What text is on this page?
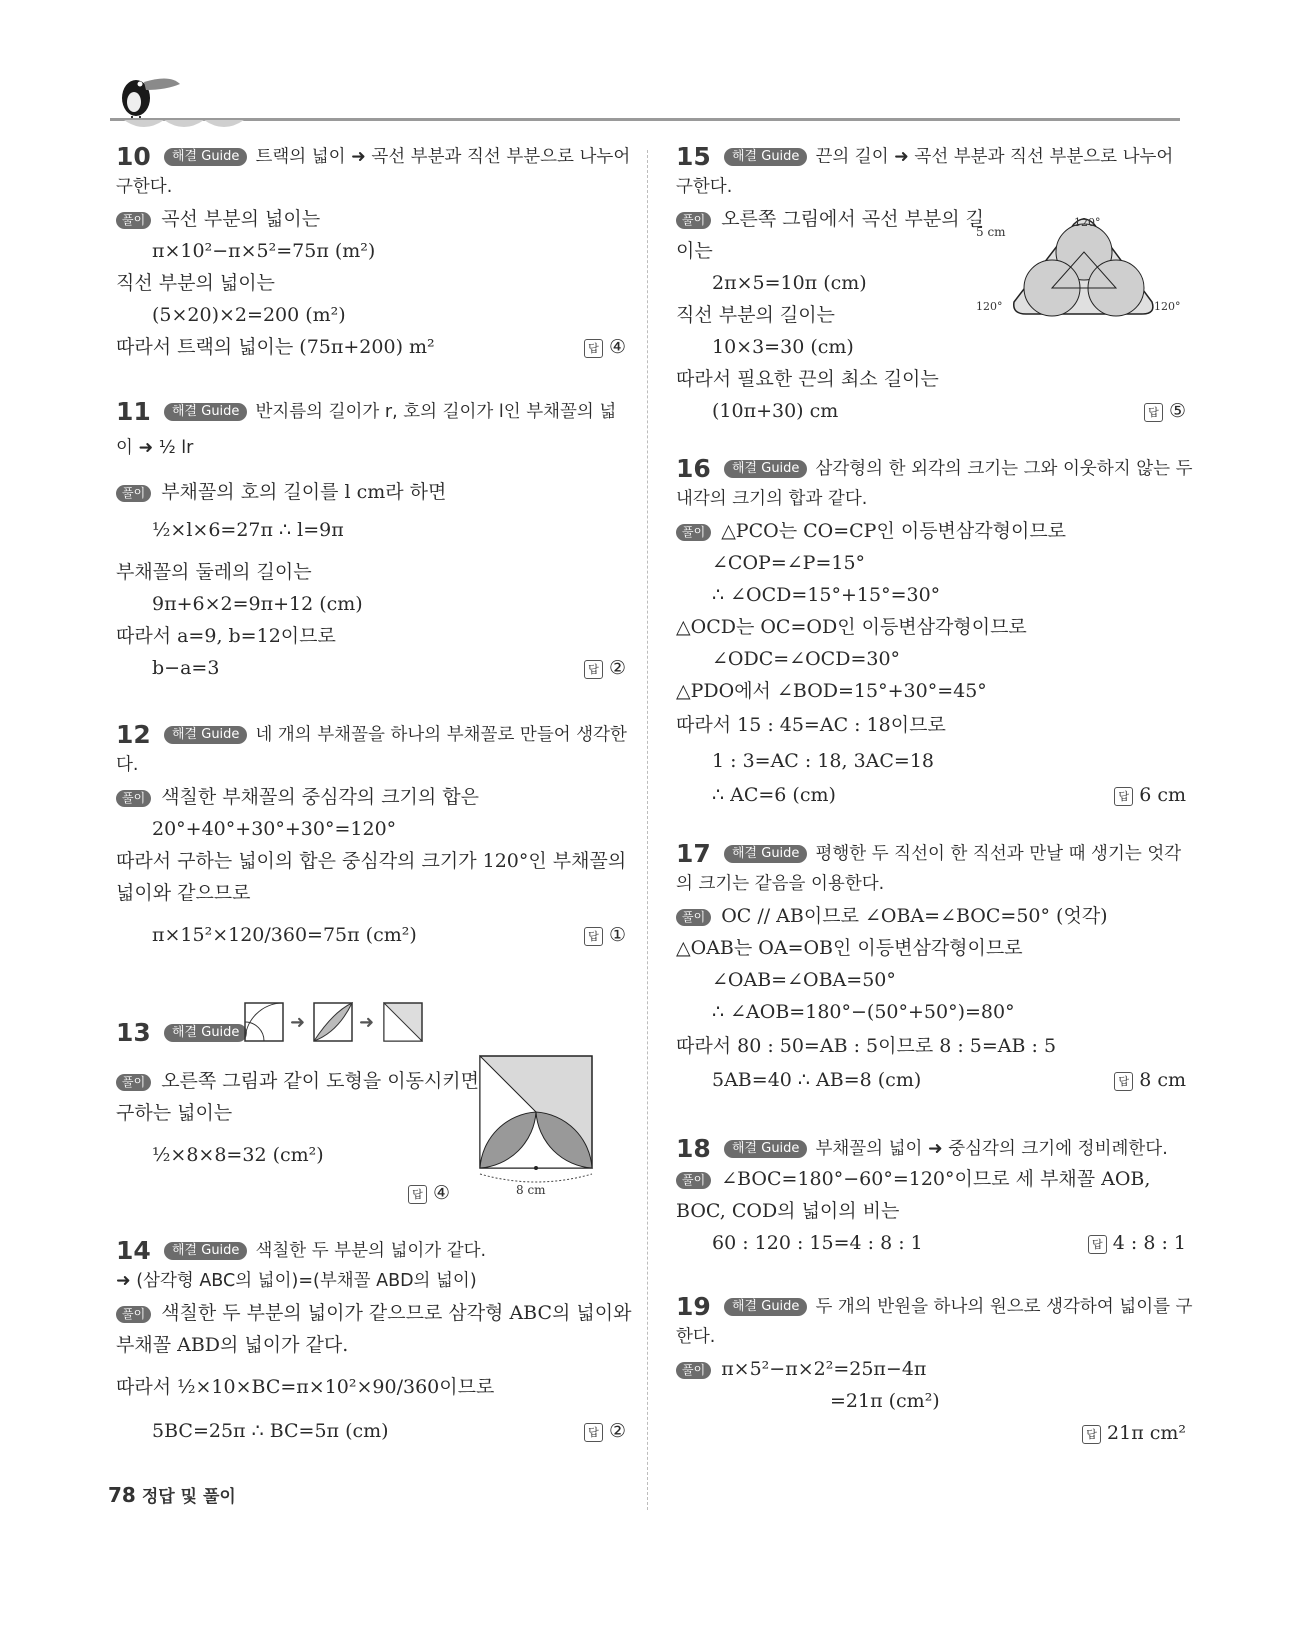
10 해결 Guide 트랙의 넓이 ➜ 곡선 부분과 직선 부분으로 나누어
구한다.
풀이 곡선 부분의 넓이는
π×10²−π×5²=75π (m²)
직선 부분의 넓이는
(5×20)×2=200 (m²)
따라서 트랙의 넓이는 (75π+200) m²	답 ④
11 해결 Guide 반지름의 길이가 r, 호의 길이가 l인 부채꼴의 넓
이 ➜ ½ lr
풀이 부채꼴의 호의 길이를 l cm라 하면
½×l×6=27π ∴ l=9π
부채꼴의 둘레의 길이는
9π+6×2=9π+12 (cm)
따라서 a=9, b=12이므로
b−a=3	답 ②
12 해결 Guide 네 개의 부채꼴을 하나의 부채꼴로 만들어 생각한
다.
풀이 색칠한 부채꼴의 중심각의 크기의 합은
20°+40°+30°+30°=120°
따라서 구하는 넓이의 합은 중심각의 크기가 120°인 부채꼴의
넓이와 같으므로
π×15²×120/360=75π (cm²)	답 ①
13 해결 Guide	➜	➜
풀이 오른쪽 그림과 같이 도형을 이동시키면
구하는 넓이는
½×8×8=32 (cm²)
답 ④	8 cm
14 해결 Guide 색칠한 두 부분의 넓이가 같다.
➜ (삼각형 ABC의 넓이)=(부채꼴 ABD의 넓이)
풀이 색칠한 두 부분의 넓이가 같으므로 삼각형 ABC의 넓이와
부채꼴 ABD의 넓이가 같다.
따라서 ½×10×BC=π×10²×90/360이므로
5BC=25π ∴ BC=5π (cm)	답 ②
15 해결 Guide 끈의 길이 ➜ 곡선 부분과 직선 부분으로 나누어
구한다.
풀이 오른쪽 그림에서 곡선 부분의 길
이는
2π×5=10π (cm)
직선 부분의 길이는
10×3=30 (cm)
따라서 필요한 끈의 최소 길이는
(10π+30) cm	답 ⑤
5 cm
120°
120°	120°
16 해결 Guide 삼각형의 한 외각의 크기는 그와 이웃하지 않는 두
내각의 크기의 합과 같다.
풀이 △PCO는 CO=CP인 이등변삼각형이므로
∠COP=∠P=15°
∴ ∠OCD=15°+15°=30°
△OCD는 OC=OD인 이등변삼각형이므로
∠ODC=∠OCD=30°
△PDO에서 ∠BOD=15°+30°=45°
따라서 15 : 45=AC : 18이므로
1 : 3=AC : 18, 3AC=18
∴ AC=6 (cm)	답 6 cm
17 해결 Guide 평행한 두 직선이 한 직선과 만날 때 생기는 엇각
의 크기는 같음을 이용한다.
풀이 OC // AB이므로 ∠OBA=∠BOC=50° (엇각)
△OAB는 OA=OB인 이등변삼각형이므로
∠OAB=∠OBA=50°
∴ ∠AOB=180°−(50°+50°)=80°
따라서 80 : 50=AB : 5이므로 8 : 5=AB : 5
5AB=40 ∴ AB=8 (cm)	답 8 cm
18 해결 Guide 부채꼴의 넓이 ➜ 중심각의 크기에 정비례한다.
풀이 ∠BOC=180°−60°=120°이므로 세 부채꼴 AOB,
BOC, COD의 넓이의 비는
60 : 120 : 15=4 : 8 : 1	답 4 : 8 : 1
19 해결 Guide 두 개의 반원을 하나의 원으로 생각하여 넓이를 구
한다.
풀이 π×5²−π×2²=25π−4π
=21π (cm²)
답 21π cm²
78 정답 및 풀이
